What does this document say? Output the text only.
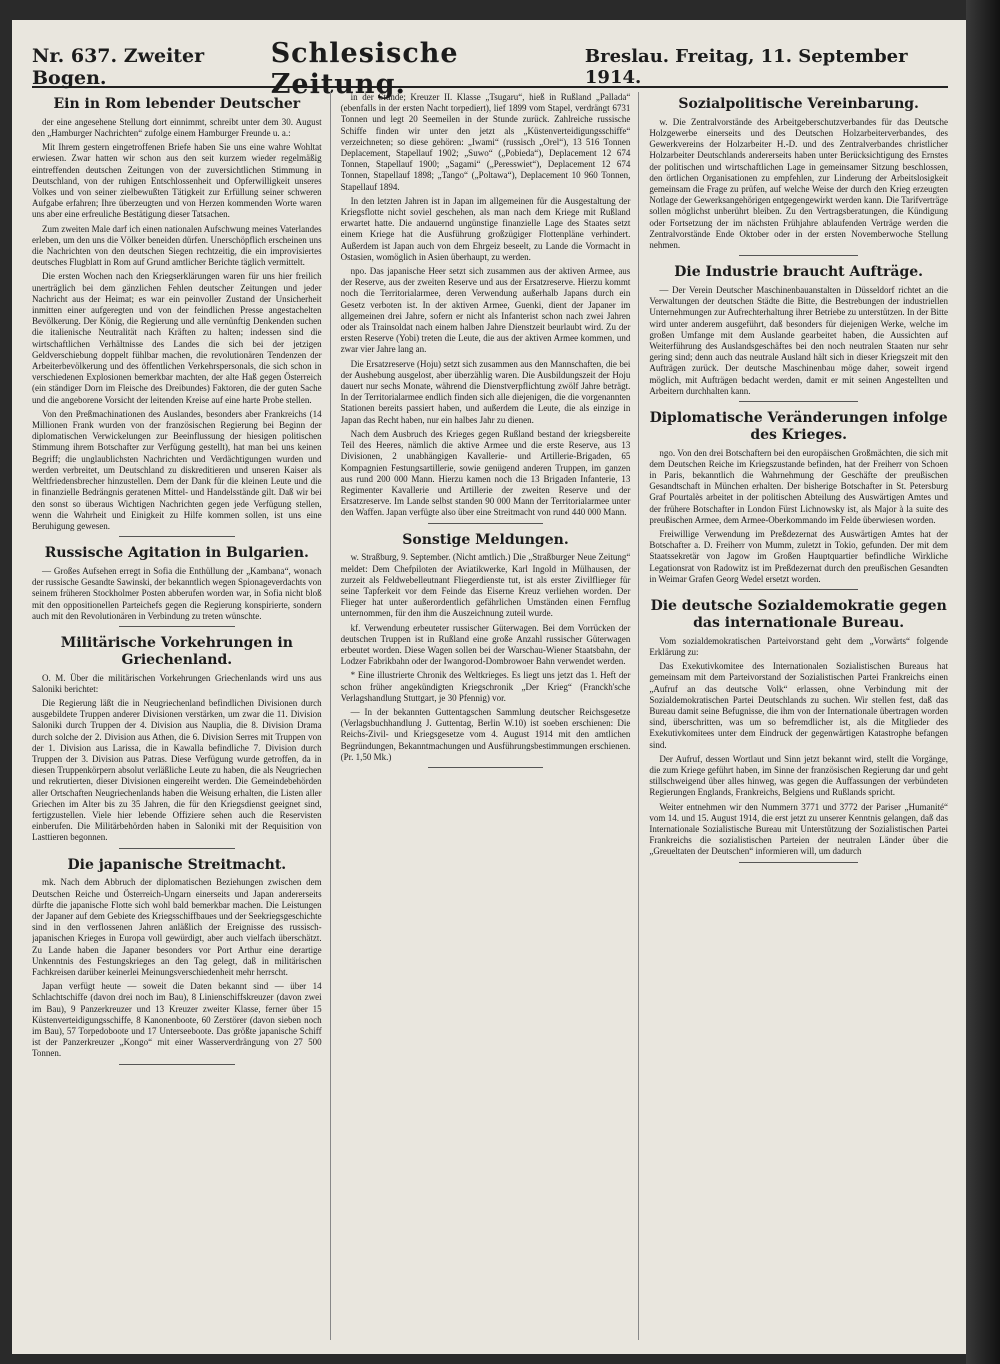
Nr. 637. Zweiter Bogen.
Schlesische Zeitung.
Breslau. Freitag, 11. September 1914.
Ein in Rom lebender Deutscher

der eine angesehene Stellung dort einnimmt, schreibt unter dem 30. August den „Hamburger Nachrichten“ zufolge einem Hamburger Freunde u. a.:

Mit Ihrem gestern eingetroffenen Briefe haben Sie uns eine wahre Wohltat erwiesen. Zwar hatten wir schon aus den seit kurzem wieder regelmäßig eintreffenden deutschen Zeitungen von der zuversichtlichen Stimmung in Deutschland, von der ruhigen Entschlossenheit und Opferwilligkeit unseres Volkes und von seiner zielbewußten Tätigkeit zur Erfüllung seiner schweren Aufgabe erfahren; Ihre überzeugten und von Herzen kommenden Worte waren uns aber eine erfreuliche Bestätigung dieser Tatsachen.

Zum zweiten Male darf ich einen nationalen Aufschwung meines Vaterlandes erleben, um den uns die Völker beneiden dürfen. Unerschöpflich erscheinen uns die Nachrichten von den deutschen Siegen rechtzeitig, die ein improvisiertes deutsches Flugblatt in Rom auf Grund amtlicher Berichte täglich vermittelt.

Die ersten Wochen nach den Kriegserklärungen waren für uns hier freilich unerträglich bei dem gänzlichen Fehlen deutscher Zeitungen und jeder Nachricht aus der Heimat; es war ein peinvoller Zustand der Unsicherheit inmitten einer aufgeregten und von der feindlichen Presse angestachelten Bevölkerung. Der König, die Regierung und alle vernünftig Denkenden suchen die italienische Neutralität nach Kräften zu halten; indessen sind die wirtschaftlichen Verhältnisse des Landes die sich bei der jetzigen Geldverschiebung doppelt fühlbar machen, die revolutionären Tendenzen der Arbeiterbevölkerung und des öffentlichen Verkehrspersonals, die sich schon in verschiedenen Explosionen bemerkbar machten, der alte Haß gegen Österreich (ein ständiger Dorn im Fleische des Dreibundes) Faktoren, die der guten Sache und die angeborene Vorsicht der leitenden Kreise auf eine harte Probe stellen.

Von den Preßmachinationen des Auslandes, besonders aber Frankreichs (14 Millionen Frank wurden von der französischen Regierung bei Beginn der diplomatischen Verwickelungen zur Beeinflussung der hiesigen politischen Stimmung ihrem Botschafter zur Verfügung gestellt), hat man bei uns keinen Begriff; die unglaublichsten Nachrichten und Verdächtigungen wurden und werden verbreitet, um Deutschland zu diskreditieren und unseren Kaiser als Weltfriedensbrecher hinzustellen. Dem der Dank für die kleinen Leute und die in finanzielle Bedrängnis geratenen Mittel- und Handelsstände gilt. Daß wir bei den sonst so überaus Wichtigen Nachrichten gegen jede Verfügung stellen, wenn die Wahrheit und Einigkeit zu Hilfe kommen sollen, ist uns eine Beruhigung gewesen.

Russische Agitation in Bulgarien.

— Großes Aufsehen erregt in Sofia die Enthüllung der „Kambana“, wonach der russische Gesandte Sawinski, der bekanntlich wegen Spionageverdachts von seinem früheren Stockholmer Posten abberufen worden war, in Sofia nicht bloß mit den oppositionellen Parteichefs gegen die Regierung konspirierte, sondern auch mit den Revolutionären in Verbindung zu treten wünschte.

Militärische Vorkehrungen in Griechenland.

O. M. Über die militärischen Vorkehrungen Griechenlands wird uns aus Saloniki berichtet:

Die Regierung läßt die in Neugriechenland befindlichen Divisionen durch ausgebildete Truppen anderer Divisionen verstärken, um zwar die 11. Division Saloniki durch Truppen der 4. Division aus Nauplia, die 8. Division Drama durch solche der 2. Division aus Athen, die 6. Division Serres mit Truppen von der 1. Division aus Larissa, die in Kawalla befindliche 7. Division durch Truppen der 3. Division aus Patras. Diese Verfügung wurde getroffen, da in diesen Truppenkörpern absolut verläßliche Leute zu haben, die als Neugriechen und rekrutierten, dieser Divisionen eingereiht werden. Die Gemeindebehörden aller Ortschaften Neugriechenlands haben die Weisung erhalten, die Listen aller Griechen im Alter bis zu 35 Jahren, die für den Kriegsdienst geeignet sind, fertigzustellen. Viele hier lebende Offiziere sehen auch die Reservisten einberufen. Die Militärbehörden haben in Saloniki mit der Requisition von Lasttieren begonnen.

Die japanische Streitmacht.

mk. Nach dem Abbruch der diplomatischen Beziehungen zwischen dem Deutschen Reiche und Österreich-Ungarn einerseits und Japan andererseits dürfte die japanische Flotte sich wohl bald bemerkbar machen. Die Leistungen der Japaner auf dem Gebiete des Kriegsschiffbaues und der Seekriegsgeschichte sind in den verflossenen Jahren anläßlich der Ereignisse des russisch-japanischen Krieges in Europa voll gewürdigt, aber auch vielfach überschätzt. Zu Lande haben die Japaner besonders vor Port Arthur eine derartige Unkenntnis des Festungskrieges an den Tag gelegt, daß in militärischen Fachkreisen darüber keinerlei Meinungsverschiedenheit mehr herrscht.

Japan verfügt heute — soweit die Daten bekannt sind — über 14 Schlachtschiffe (davon drei noch im Bau), 8 Linienschiffskreuzer (davon zwei im Bau), 9 Panzerkreuzer und 13 Kreuzer zweiter Klasse, ferner über 15 Küstenverteidigungsschiffe, 8 Kanonenboote, 60 Zerstörer (davon sieben noch im Bau), 57 Torpedoboote und 17 Unterseeboote. Das größte japanische Schiff ist der Panzerkreuzer „Kongo“ mit einer Wasserverdrängung von 27 500 Tonnen.

in der Stunde; Kreuzer II. Klasse „Tsugaru“, hieß in Rußland „Pallada“ (ebenfalls in der ersten Nacht torpediert), lief 1899 vom Stapel, verdrängt 6731 Tonnen und legt 20 Seemeilen in der Stunde zurück. Zahlreiche russische Schiffe finden wir unter den jetzt als „Küstenverteidigungsschiffe“ verzeichneten; so diese gehören: „Iwami“ (russisch „Orel“), 13 516 Tonnen Deplacement, Stapellauf 1902; „Suwo“ („Pobieda“), Deplacement 12 674 Tonnen, Stapellauf 1900; „Sagami“ („Peresswiet“), Deplacement 12 674 Tonnen, Stapellauf 1898; „Tango“ („Poltawa“), Deplacement 10 960 Tonnen, Stapellauf 1894.

In den letzten Jahren ist in Japan im allgemeinen für die Ausgestaltung der Kriegsflotte nicht soviel geschehen, als man nach dem Kriege mit Rußland erwartet hatte. Die andauernd ungünstige finanzielle Lage des Staates setzt einem Kriege hat die Ausführung großzügiger Flottenpläne verhindert. Außerdem ist Japan auch von dem Ehrgeiz beseelt, zu Lande die Vormacht in Ostasien, womöglich in Asien überhaupt, zu werden.

npo. Das japanische Heer setzt sich zusammen aus der aktiven Armee, aus der Reserve, aus der zweiten Reserve und aus der Ersatzreserve. Hierzu kommt noch die Territorialarmee, deren Verwendung außerhalb Japans durch ein Gesetz verboten ist. In der aktiven Armee, Guenki, dient der Japaner im allgemeinen drei Jahre, sofern er nicht als Infanterist schon nach zwei Jahren oder als Trainsoldat nach einem halben Jahre Dienstzeit beurlaubt wird. Zu der ersten Reserve (Yobi) treten die Leute, die aus der aktiven Armee kommen, und zwar vier Jahre lang an.

Die Ersatzreserve (Hoju) setzt sich zusammen aus den Mannschaften, die bei der Aushebung ausgelost, aber überzählig waren. Die Ausbildungszeit der Hoju dauert nur sechs Monate, während die Dienstverpflichtung zwölf Jahre beträgt. In der Territorialarmee endlich finden sich alle diejenigen, die die vorgenannten Stationen bereits passiert haben, und außerdem die Leute, die als einzige in Japan das Recht haben, nur ein halbes Jahr zu dienen.

Nach dem Ausbruch des Krieges gegen Rußland bestand der kriegsbereite Teil des Heeres, nämlich die aktive Armee und die erste Reserve, aus 13 Divisionen, 2 unabhängigen Kavallerie- und Artillerie-Brigaden, 65 Kompagnien Festungsartillerie, sowie genügend anderen Truppen, im ganzen aus rund 200 000 Mann. Hierzu kamen noch die 13 Brigaden Infanterie, 13 Regimenter Kavallerie und Artillerie der zweiten Reserve und der Ersatzreserve. Im Lande selbst standen 90 000 Mann der Territorialarmee unter den Waffen. Japan verfügte also über eine Streitmacht von rund 440 000 Mann.

Sonstige Meldungen.

w. Straßburg, 9. September. (Nicht amtlich.) Die „Straßburger Neue Zeitung“ meldet: Dem Chefpiloten der Aviatikwerke, Karl Ingold in Mülhausen, der zurzeit als Feldwebelleutnant Fliegerdienste tut, ist als erster Zivilflieger für seine Tapferkeit vor dem Feinde das Eiserne Kreuz verliehen worden. Der Flieger hat unter außerordentlich gefährlichen Umständen einen Fernflug unternommen, für den ihm die Auszeichnung zuteil wurde.

kf. Verwendung erbeuteter russischer Güterwagen. Bei dem Vorrücken der deutschen Truppen ist in Rußland eine große Anzahl russischer Güterwagen erbeutet worden. Diese Wagen sollen bei der Warschau-Wiener Staatsbahn, der Lodzer Fabrikbahn oder der Iwangorod-Dombrowoer Bahn verwendet werden.

* Eine illustrierte Chronik des Weltkrieges. Es liegt uns jetzt das 1. Heft der schon früher angekündigten Kriegschronik „Der Krieg“ (Franckh'sche Verlagshandlung Stuttgart, je 30 Pfennig) vor.

— In der bekannten Guttentagschen Sammlung deutscher Reichsgesetze (Verlagsbuchhandlung J. Guttentag, Berlin W.10) ist soeben erschienen: Die Reichs-Zivil- und Kriegsgesetze vom 4. August 1914 mit den amtlichen Begründungen, Bekanntmachungen und Ausführungsbestimmungen erschienen. (Pr. 1,50 Mk.)

Sozialpolitische Vereinbarung.

w. Die Zentralvorstände des Arbeitgeberschutzverbandes für das Deutsche Holzgewerbe einerseits und des Deutschen Holzarbeiterverbandes, des Gewerkvereins der Holzarbeiter H.-D. und des Zentralverbandes christlicher Holzarbeiter Deutschlands andererseits haben unter Berücksichtigung des Ernstes der politischen und wirtschaftlichen Lage in gemeinsamer Sitzung beschlossen, den örtlichen Organisationen zu empfehlen, zur Linderung der Arbeitslosigkeit gemeinsam die Frage zu prüfen, auf welche Weise der durch den Krieg erzeugten Notlage der Gewerksangehörigen entgegengewirkt werden kann. Die Tarifverträge sollen möglichst unberührt bleiben. Zu den Vertragsberatungen, die Kündigung oder Fortsetzung der im nächsten Frühjahre ablaufenden Verträge werden die Zentralvorstände Ende Oktober oder in der ersten Novemberwoche Stellung nehmen.

Die Industrie braucht Aufträge.

— Der Verein Deutscher Maschinenbauanstalten in Düsseldorf richtet an die Verwaltungen der deutschen Städte die Bitte, die Bestrebungen der industriellen Unternehmungen zur Aufrechterhaltung ihrer Betriebe zu unterstützen. In der Bitte wird unter anderem ausgeführt, daß besonders für diejenigen Werke, welche im großen Umfange mit dem Auslande gearbeitet haben, die Aussichten auf Weiterführung des Auslandsgeschäftes bei den noch neutralen Staaten nur sehr gering sind; denn auch das neutrale Ausland hält sich in dieser Kriegszeit mit den Aufträgen zurück. Der deutsche Maschinenbau möge daher, soweit irgend möglich, mit Aufträgen bedacht werden, damit er mit seinen Angestellten und Arbeitern durchhalten kann.

Diplomatische Veränderungen infolge des Krieges.

ngo. Von den drei Botschaftern bei den europäischen Großmächten, die sich mit dem Deutschen Reiche im Kriegszustande befinden, hat der Freiherr von Schoen in Paris, bekanntlich die Wahrnehmung der Geschäfte der preußischen Gesandtschaft in München erhalten. Der bisherige Botschafter in St. Petersburg Graf Pourtalès arbeitet in der politischen Abteilung des Auswärtigen Amtes und der frühere Botschafter in London Fürst Lichnowsky ist, als Major à la suite des preußischen Armee, dem Armee-Oberkommando im Felde überwiesen worden.

Freiwillige Verwendung im Preßdezernat des Auswärtigen Amtes hat der Botschafter a. D. Freiherr von Mumm, zuletzt in Tokio, gefunden. Der mit dem Staatssekretär von Jagow im Großen Hauptquartier befindliche Wirkliche Legationsrat von Radowitz ist im Preßdezernat durch den preußischen Gesandten in Weimar Grafen Georg Wedel ersetzt worden.

Die deutsche Sozialdemokratie gegen das internationale Bureau.

Vom sozialdemokratischen Parteivorstand geht dem „Vorwärts“ folgende Erklärung zu:

Das Exekutivkomitee des Internationalen Sozialistischen Bureaus hat gemeinsam mit dem Parteivorstand der Sozialistischen Partei Frankreichs einen „Aufruf an das deutsche Volk“ erlassen, ohne Verbindung mit der Sozialdemokratischen Partei Deutschlands zu suchen. Wir stellen fest, daß das Bureau damit seine Befugnisse, die ihm von der Internationale übertragen worden sind, überschritten, was um so befremdlicher ist, als die Mitglieder des Exekutivkomitees unter dem Eindruck der gegenwärtigen Katastrophe befangen sind.

Der Aufruf, dessen Wortlaut und Sinn jetzt bekannt wird, stellt die Vorgänge, die zum Kriege geführt haben, im Sinne der französischen Regierung dar und geht stillschweigend über alles hinweg, was gegen die Auffassungen der verbündeten Regierungen Englands, Frankreichs, Belgiens und Rußlands spricht.

Weiter entnehmen wir den Nummern 3771 und 3772 der Pariser „Humanité“ vom 14. und 15. August 1914, die erst jetzt zu unserer Kenntnis gelangen, daß das Internationale Sozialistische Bureau mit Unterstützung der Sozialistischen Partei Frankreichs die sozialistischen Parteien der neutralen Länder über die „Greueltaten der Deutschen“ informieren will, um dadurch
